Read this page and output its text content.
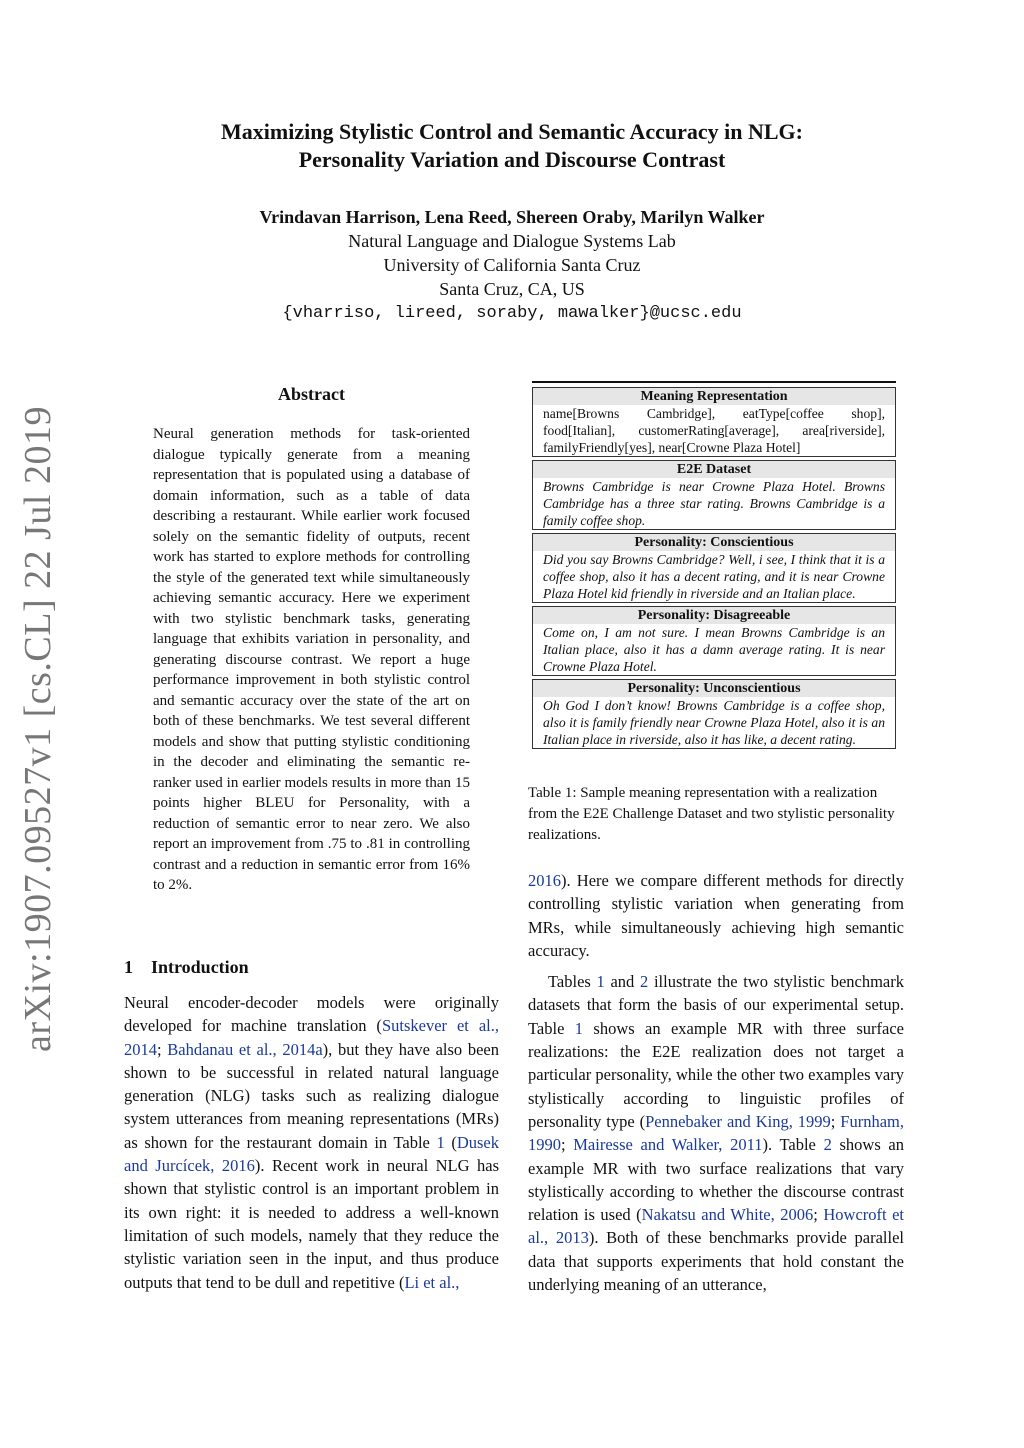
Maximizing Stylistic Control and Semantic Accuracy in NLG:
Personality Variation and Discourse Contrast
Vrindavan Harrison, Lena Reed, Shereen Oraby, Marilyn Walker
Natural Language and Dialogue Systems Lab
University of California Santa Cruz
Santa Cruz, CA, US
{vharriso, lireed, soraby, mawalker}@ucsc.edu
arXiv:1907.09527v1 [cs.CL] 22 Jul 2019
Abstract
Neural generation methods for task-oriented dialogue typically generate from a meaning representation that is populated using a database of domain information, such as a table of data describing a restaurant. While earlier work focused solely on the semantic fidelity of outputs, recent work has started to explore methods for controlling the style of the generated text while simultaneously achieving semantic accuracy. Here we experiment with two stylistic benchmark tasks, generating language that exhibits variation in personality, and generating discourse contrast. We report a huge performance improvement in both stylistic control and semantic accuracy over the state of the art on both of these benchmarks. We test several different models and show that putting stylistic conditioning in the decoder and eliminating the semantic re-ranker used in earlier models results in more than 15 points higher BLEU for Personality, with a reduction of semantic error to near zero. We also report an improvement from .75 to .81 in controlling contrast and a reduction in semantic error from 16% to 2%.
1 Introduction
Neural encoder-decoder models were originally developed for machine translation (Sutskever et al., 2014; Bahdanau et al., 2014a), but they have also been shown to be successful in related natural language generation (NLG) tasks such as realizing dialogue system utterances from meaning representations (MRs) as shown for the restaurant domain in Table 1 (Dusek and Jurcícek, 2016). Recent work in neural NLG has shown that stylistic control is an important problem in its own right: it is needed to address a well-known limitation of such models, namely that they reduce the stylistic variation seen in the input, and thus produce outputs that tend to be dull and repetitive (Li et al.,
Meaning Representation
name[Browns Cambridge], eatType[coffee shop], food[Italian], customerRating[average], area[riverside], familyFriendly[yes], near[Crowne Plaza Hotel]
E2E Dataset
Browns Cambridge is near Crowne Plaza Hotel. Browns Cambridge has a three star rating. Browns Cambridge is a family coffee shop.
Personality: Conscientious
Did you say Browns Cambridge? Well, i see, I think that it is a coffee shop, also it has a decent rating, and it is near Crowne Plaza Hotel kid friendly in riverside and an Italian place.
Personality: Disagreeable
Come on, I am not sure. I mean Browns Cambridge is an Italian place, also it has a damn average rating. It is near Crowne Plaza Hotel.
Personality: Unconscientious
Oh God I don’t know! Browns Cambridge is a coffee shop, also it is family friendly near Crowne Plaza Hotel, also it is an Italian place in riverside, also it has like, a decent rating.
Table 1: Sample meaning representation with a realization from the E2E Challenge Dataset and two stylistic personality realizations.

2016). Here we compare different methods for directly controlling stylistic variation when generating from MRs, while simultaneously achieving high semantic accuracy.

Tables 1 and 2 illustrate the two stylistic benchmark datasets that form the basis of our experimental setup. Table 1 shows an example MR with three surface realizations: the E2E realization does not target a particular personality, while the other two examples vary stylistically according to linguistic profiles of personality type (Pennebaker and King, 1999; Furnham, 1990; Mairesse and Walker, 2011). Table 2 shows an example MR with two surface realizations that vary stylistically according to whether the discourse contrast relation is used (Nakatsu and White, 2006; Howcroft et al., 2013). Both of these benchmarks provide parallel data that supports experiments that hold constant the underlying meaning of an utterance,
